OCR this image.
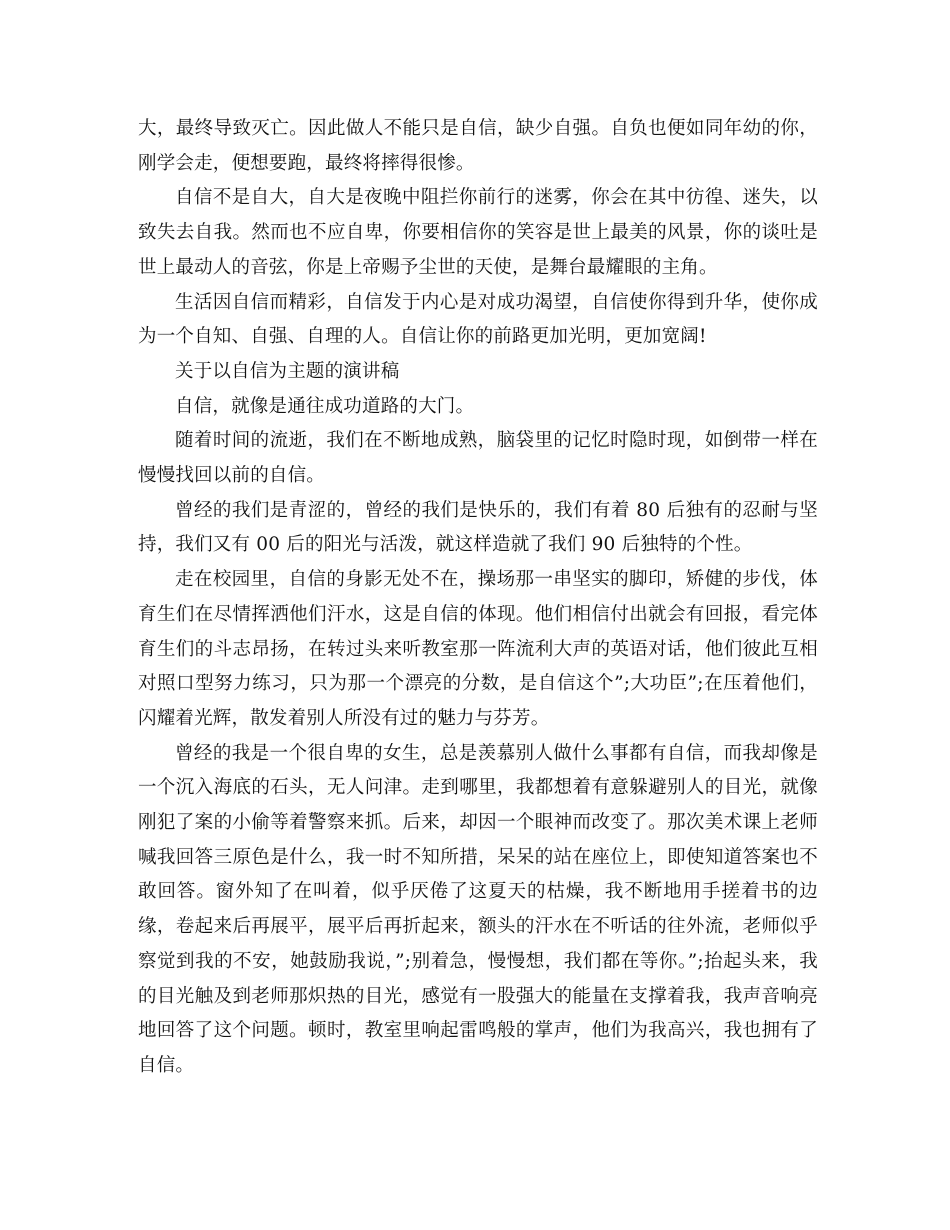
大，最终导致灭亡。因此做人不能只是自信，缺少自强。自负也便如同年幼的你，刚学会走，便想要跑，最终将摔得很惨。

自信不是自大，自大是夜晚中阻拦你前行的迷雾，你会在其中彷徨、迷失，以致失去自我。然而也不应自卑，你要相信你的笑容是世上最美的风景，你的谈吐是世上最动人的音弦，你是上帝赐予尘世的天使，是舞台最耀眼的主角。

生活因自信而精彩，自信发于内心是对成功渴望，自信使你得到升华，使你成为一个自知、自强、自理的人。自信让你的前路更加光明，更加宽阔!

关于以自信为主题的演讲稿

自信，就像是通往成功道路的大门。

随着时间的流逝，我们在不断地成熟，脑袋里的记忆时隐时现，如倒带一样在慢慢找回以前的自信。

曾经的我们是青涩的，曾经的我们是快乐的，我们有着 80 后独有的忍耐与坚持，我们又有 00 后的阳光与活泼，就这样造就了我们 90 后独特的个性。

走在校园里，自信的身影无处不在，操场那一串坚实的脚印，矫健的步伐，体育生们在尽情挥洒他们汗水，这是自信的体现。他们相信付出就会有回报，看完体育生们的斗志昂扬，在转过头来听教室那一阵流利大声的英语对话，他们彼此互相对照口型努力练习，只为那一个漂亮的分数，是自信这个”;大功臣”;在压着他们，闪耀着光辉，散发着别人所没有过的魅力与芬芳。

曾经的我是一个很自卑的女生，总是羡慕别人做什么事都有自信，而我却像是一个沉入海底的石头，无人问津。走到哪里，我都想着有意躲避别人的目光，就像刚犯了案的小偷等着警察来抓。后来，却因一个眼神而改变了。那次美术课上老师喊我回答三原色是什么，我一时不知所措，呆呆的站在座位上，即使知道答案也不敢回答。窗外知了在叫着，似乎厌倦了这夏天的枯燥，我不断地用手搓着书的边缘，卷起来后再展平，展平后再折起来，额头的汗水在不听话的往外流，老师似乎察觉到我的不安，她鼓励我说，”;别着急，慢慢想，我们都在等你。”;抬起头来，我的目光触及到老师那炽热的目光，感觉有一股强大的能量在支撑着我，我声音响亮地回答了这个问题。顿时，教室里响起雷鸣般的掌声，他们为我高兴，我也拥有了自信。
